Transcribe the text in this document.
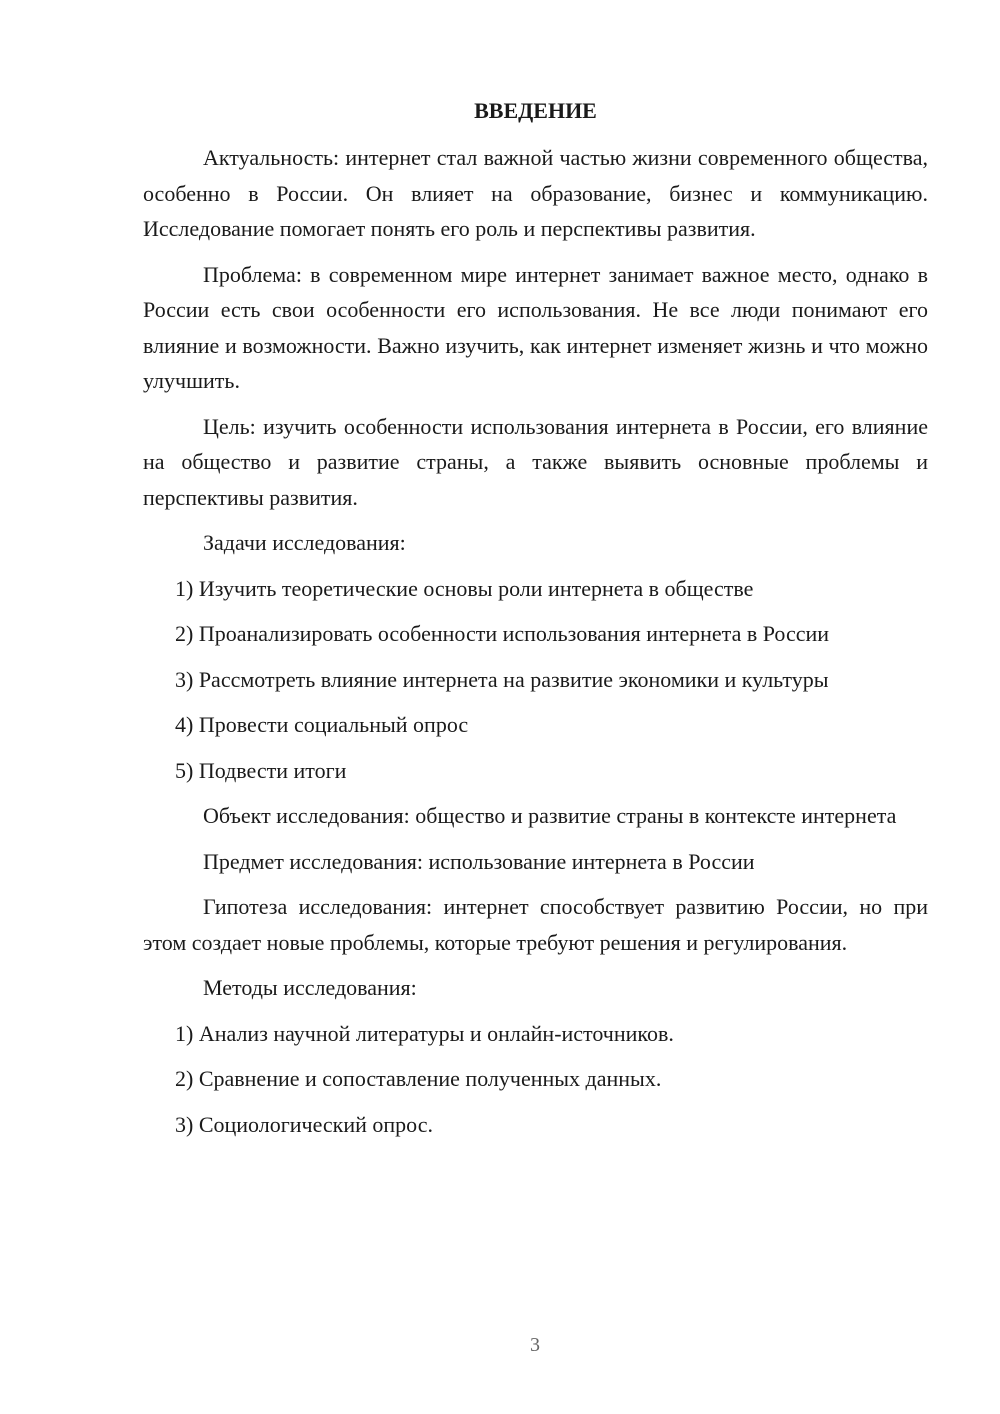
ВВЕДЕНИЕ

Актуальность: интернет стал важной частью жизни современного общества, особенно в России. Он влияет на образование, бизнес и коммуникацию. Исследование помогает понять его роль и перспективы развития.

Проблема: в современном мире интернет занимает важное место, однако в России есть свои особенности его использования. Не все люди понимают его влияние и возможности. Важно изучить, как интернет изменяет жизнь и что можно улучшить.

Цель: изучить особенности использования интернета в России, его влияние на общество и развитие страны, а также выявить основные проблемы и перспективы развития.

Задачи исследования:

1) Изучить теоретические основы роли интернета в обществе
2) Проанализировать особенности использования интернета в России
3) Рассмотреть влияние интернета на развитие экономики и культуры
4) Провести социальный опрос
5) Подвести итоги

Объект исследования: общество и развитие страны в контексте интернета

Предмет исследования: использование интернета в России

Гипотеза исследования: интернет способствует развитию России, но при этом создает новые проблемы, которые требуют решения и регулирования.

Методы исследования:

1) Анализ научной литературы и онлайн-источников.
2) Сравнение и сопоставление полученных данных.
3) Социологический опрос.
3
